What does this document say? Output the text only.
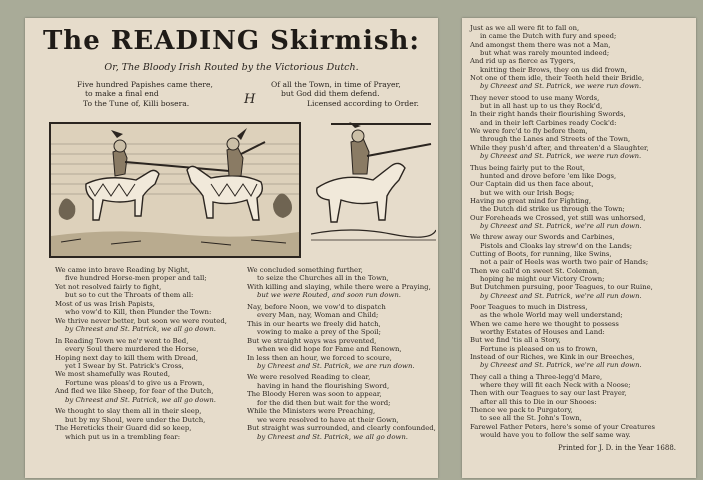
The READING Skirmish:
Or, The Bloody Irish Routed by the Victorious Dutch.
Five hundred Papishes came there,
to make a final end
To the Tune of, Killi bosera.	H
Of all the Town, in time of Prayer,
but God did them defend.
Licensed according to Order.
We came into brave Reading by Night,
five hundred Horse-men proper and tall;
Yet not resolved fairly to fight,
but so to cut the Throats of them all:
Most of us was Irish Papists,
who vow'd to Kill, then Plunder the Town:
We thrive never better, but soon we were routed,
by Chreest and St. Patrick, we all go down.
In Reading Town we ne'r went to Bed,
every Soul there murdered the Horse,
Hoping next day to kill them with Dread,
yet I Swear by St. Patrick's Cross,
We most shamefully was Routed,
Fortune was pleas'd to give us a Frown,
And fled we like Sheep, for fear of the Dutch,
by Chreest and St. Patrick, we all go down.
We thought to slay them all in their sleep,
but by my Shoul, were under the Dutch,
The Hereticks their Guard did so keep,
which put us in a trembling fear:
We concluded something further,
to seize the Churches all in the Town,
With killing and slaying, while there were a Praying,
but we were Routed, and soon run down.
Nay, before Noon, we vow'd to dispatch
every Man, nay, Woman and Child;
This in our hearts we freely did hatch,
vowing to make a prey of the Spoil;
But we straight ways was prevented,
when we did hope for Fame and Renown,
In less then an hour, we forced to scoure,
by Chreest and St. Patrick, we are run down.
We were resolved Reading to clear,
having in hand the flourishing Sword,
The Bloody Heren was soon to appear,
for the did then but wait for the word;
While the Ministers were Preaching,
we were resolved to have at their Gown,
But straight was surrounded, and clearly confounded,
by Chreest and St. Patrick, we all go down.
Just as we all were fit to fall on,
in came the Dutch with fury and speed;
And amongst them there was not a Man,
but what was rarely mounted indeed;
And rid up as fierce as Tygers,
knitting their Brows, they on us did frown,
Not one of them idle, their Teeth held their Bridle,
by Chreest and St. Patrick, we were run down.
They never stood to use many Words,
but in all hast up to us they Rock'd,
In their right hands their flourishing Swords,
and in their left Carbines ready Cock'd:
We were forc'd to fly before them,
through the Lanes and Streets of the Town,
While they push'd after, and threaten'd a Slaughter,
by Chreest and St. Patrick, we were run down.
Thus being fairly put to the Rout,
hunted and drove before 'em like Dogs,
Our Captain did us then face about,
but we with our Irish Bogs;
Having no great mind for Fighting,
the Dutch did strike us through the Town;
Our Foreheads we Crossed, yet still was unhorsed,
by Chreest and St. Patrick, we're all run down.
We threw away our Swords and Carbines,
Pistols and Cloaks lay strew'd on the Lands;
Cutting of Boots, for running, like Swins,
not a pair of Heels was worth two pair of Hands;
Then we call'd on sweet St. Coleman,
hoping he might our Victory Crown;
But Dutchmen pursuing, poor Teagues, to our Ruine,
by Chreest and St. Patrick, we're all run down.
Poor Teagues to much in Distress,
as the whole World may well understand;
When we came here we thought to possess
worthy Estates of Houses and Land:
But we find 'tis all a Story,
Fortune is pleased on us to frown,
Instead of our Riches, we Kink in our Breeches,
by Chreest and St. Patrick, we're all run down.
They call a thing a Three-legg'd Mare,
where they will fit each Neck with a Noose;
Then with our Teagues to say our last Prayer,
after all this to Die in our Shooes:
Thence we pack to Purgatory,
to see all the St. John's Town,
Farewel Father Peters, here's some of your Creatures
would have you to follow the self same way.
Printed for J. D. in the Year 1688.
